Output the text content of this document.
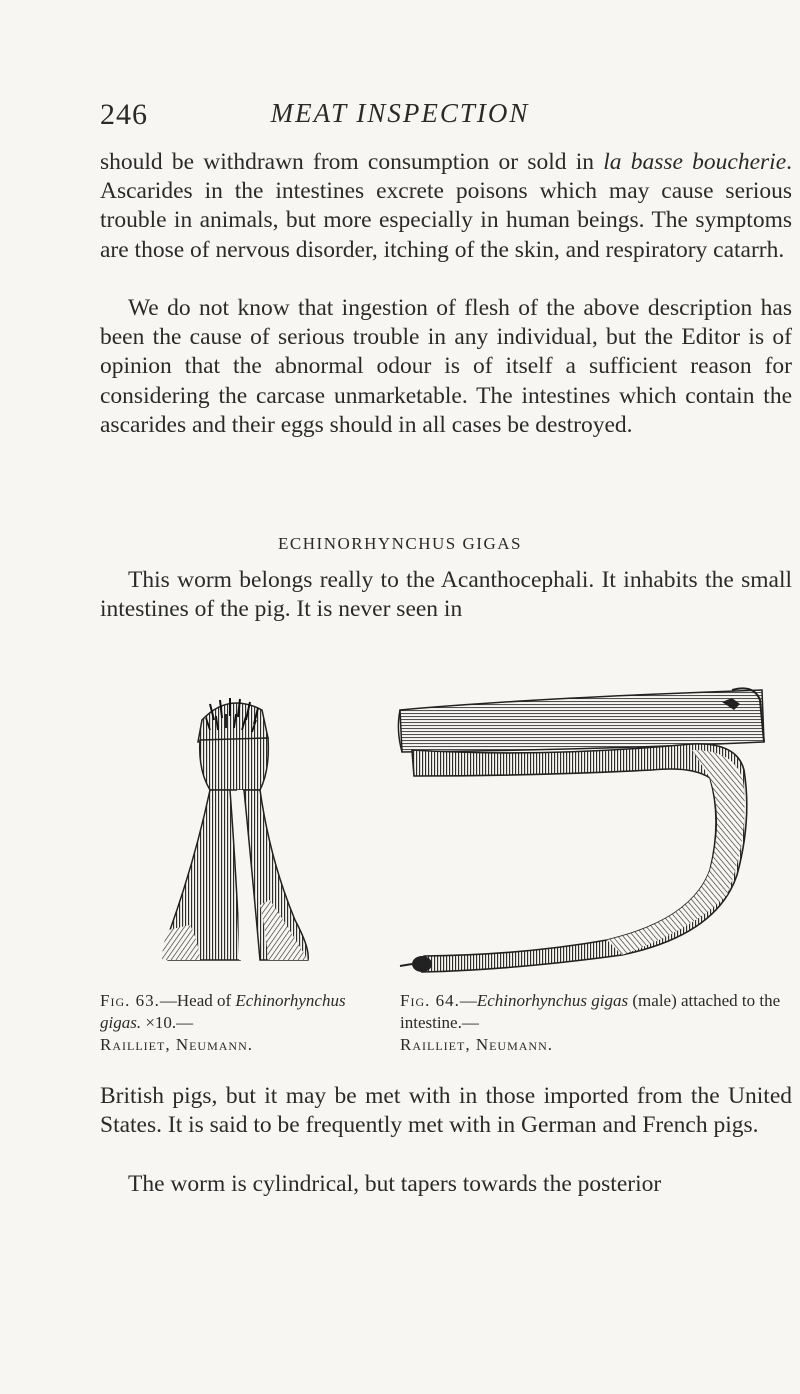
246	MEAT INSPECTION

should be withdrawn from consumption or sold in la basse boucherie. Ascarides in the intestines excrete poisons which may cause serious trouble in animals, but more especially in human beings. The symptoms are those of nervous disorder, itching of the skin, and respiratory catarrh.

We do not know that ingestion of flesh of the above description has been the cause of serious trouble in any individual, but the Editor is of opinion that the abnormal odour is of itself a sufficient reason for considering the carcase unmarketable. The intestines which contain the ascarides and their eggs should in all cases be destroyed.

ECHINORHYNCHUS GIGAS

This worm belongs really to the Acanthocephali. It inhabits the small intestines of the pig. It is never seen in

Fig. 63.—Head of Echinorhynchus gigas. ×10.—
Railliet, Neumann.
Fig. 64.—Echinorhynchus gigas (male) attached to the intestine.—
Railliet, Neumann.

British pigs, but it may be met with in those imported from the United States. It is said to be frequently met with in German and French pigs.

The worm is cylindrical, but tapers towards the posterior
